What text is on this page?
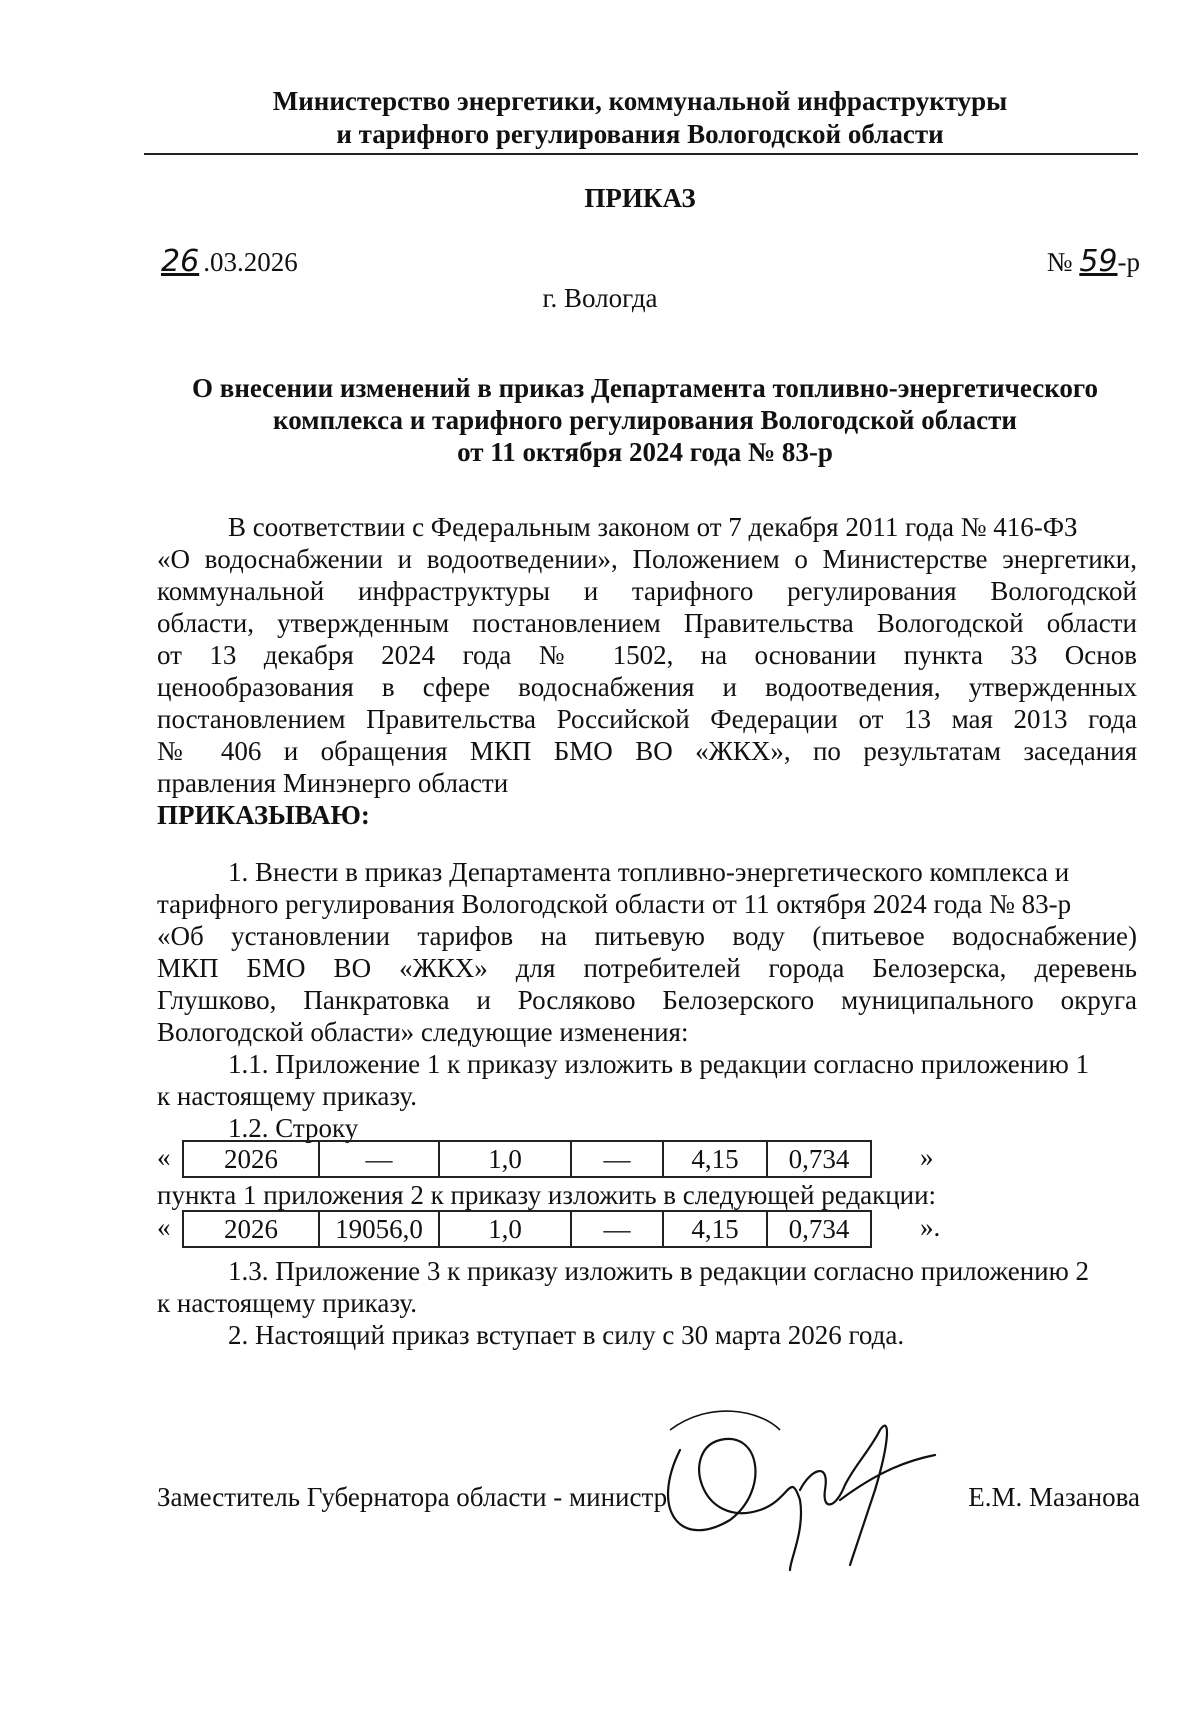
Министерство энергетики, коммунальной инфраструктуры
и тарифного регулирования Вологодской области
ПРИКАЗ
26 .03.2026	№ 59-р
г. Вологда
О внесении изменений в приказ Департамента топливно-энергетического
комплекса и тарифного регулирования Вологодской области
от 11 октября 2024 года № 83-р
В соответствии с Федеральным законом от 7 декабря 2011 года № 416-ФЗ
«О водоснабжении и водоотведении», Положением о Министерстве энергетики,
коммунальной инфраструктуры и тарифного регулирования Вологодской
области, утвержденным постановлением Правительства Вологодской области
от 13 декабря 2024 года № 1502, на основании пункта 33 Основ
ценообразования в сфере водоснабжения и водоотведения, утвержденных
постановлением Правительства Российской Федерации от 13 мая 2013 года
№ 406 и обращения МКП БМО ВО «ЖКХ», по результатам заседания
правления Минэнерго области
ПРИКАЗЫВАЮ:
1. Внести в приказ Департамента топливно-энергетического комплекса и
тарифного регулирования Вологодской области от 11 октября 2024 года № 83-р
«Об установлении тарифов на питьевую воду (питьевое водоснабжение)
МКП БМО ВО «ЖКХ» для потребителей города Белозерска, деревень
Глушково, Панкратовка и Росляково Белозерского муниципального округа
Вологодской области» следующие изменения:
1.1. Приложение 1 к приказу изложить в редакции согласно приложению 1
к настоящему приказу.
1.2. Строку
« 2026	—	1,0	—	4,15	0,734	»
пункта 1 приложения 2 к приказу изложить в следующей редакции:
« 2026	19056,0	1,0	—	4,15	0,734	».
1.3. Приложение 3 к приказу изложить в редакции согласно приложению 2
к настоящему приказу.
2. Настоящий приказ вступает в силу с 30 марта 2026 года.
Заместитель Губернатора области - министр	Е.М. Мазанова
